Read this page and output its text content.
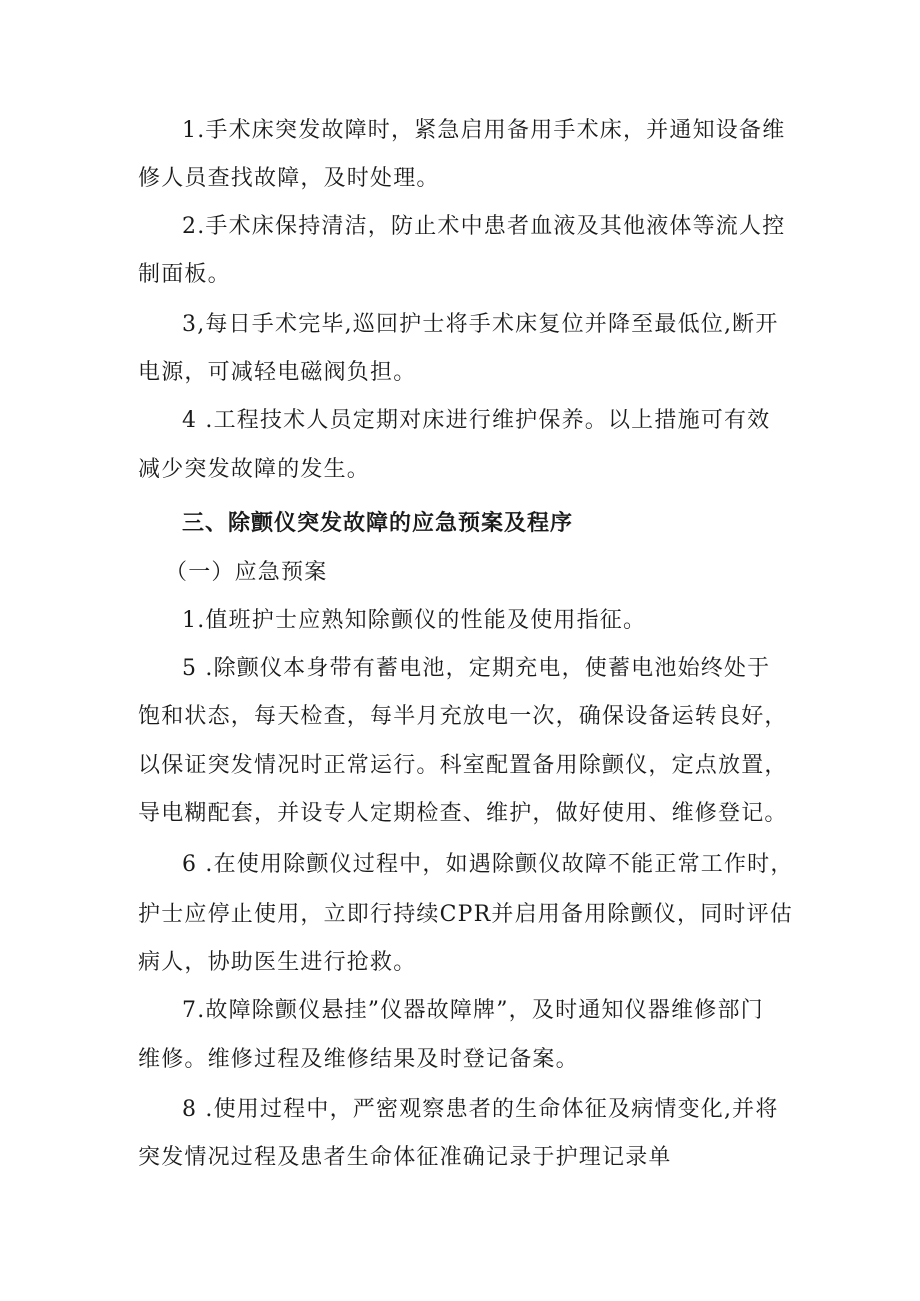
1.手术床突发故障时，紧急启用备用手术床，并通知设备维
修人员查找故障，及时处理。
2.手术床保持清洁，防止术中患者血液及其他液体等流人控
制面板。
3,每日手术完毕,巡回护士将手术床复位并降至最低位,断开
电源，可减轻电磁阀负担。
4 .工程技术人员定期对床进行维护保养。以上措施可有效
减少突发故障的发生。
三、除颤仪突发故障的应急预案及程序
（一）应急预案
1.值班护士应熟知除颤仪的性能及使用指征。
5 .除颤仪本身带有蓄电池，定期充电，使蓄电池始终处于
饱和状态，每天检查，每半月充放电一次，确保设备运转良好，
以保证突发情况时正常运行。科室配置备用除颤仪，定点放置，
导电糊配套，并设专人定期检查、维护，做好使用、维修登记。
6 .在使用除颤仪过程中，如遇除颤仪故障不能正常工作时，
护士应停止使用，立即行持续CPR并启用备用除颤仪，同时评估
病人，协助医生进行抢救。
7.故障除颤仪悬挂”仪器故障牌”，及时通知仪器维修部门
维修。维修过程及维修结果及时登记备案。
8 .使用过程中，严密观察患者的生命体征及病情变化,并将
突发情况过程及患者生命体征准确记录于护理记录单
